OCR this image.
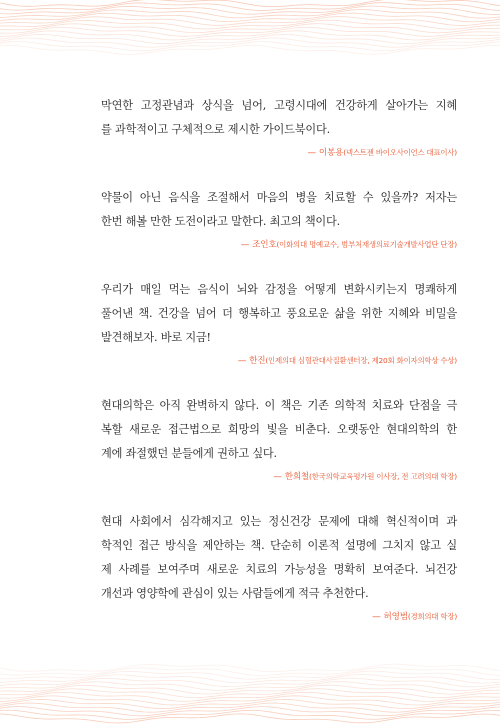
막연한 고정관념과 상식을 넘어, 고령시대에 건강하게 살아가는 지혜
를 과학적이고 구체적으로 제시한 가이드북이다.

— 이봉용(넥스트젠 바이오사이언스 대표이사)

약물이 아닌 음식을 조절해서 마음의 병을 치료할 수 있을까? 저자는
한번 해볼 만한 도전이라고 말한다. 최고의 책이다.

— 조인호(이화의대 명예교수, 범부처재생의료기술개발사업단 단장)

우리가 매일 먹는 음식이 뇌와 감정을 어떻게 변화시키는지 명쾌하게
풀어낸 책. 건강을 넘어 더 행복하고 풍요로운 삶을 위한 지혜와 비밀을
발견해보자. 바로 지금!

— 한진(인제의대 심혈관대사질환센터장, 제20회 화이자의학상 수상)

현대의학은 아직 완벽하지 않다. 이 책은 기존 의학적 치료와 단점을 극
복할 새로운 접근법으로 희망의 빛을 비춘다. 오랫동안 현대의학의 한
계에 좌절했던 분들에게 권하고 싶다.

— 한희철(한국의학교육평가원 이사장, 전 고려의대 학장)

현대 사회에서 심각해지고 있는 정신건강 문제에 대해 혁신적이며 과
학적인 접근 방식을 제안하는 책. 단순히 이론적 설명에 그치지 않고 실
제 사례를 보여주며 새로운 치료의 가능성을 명확히 보여준다. 뇌건강
개선과 영양학에 관심이 있는 사람들에게 적극 추천한다.

— 허영범(경희의대 학장)
